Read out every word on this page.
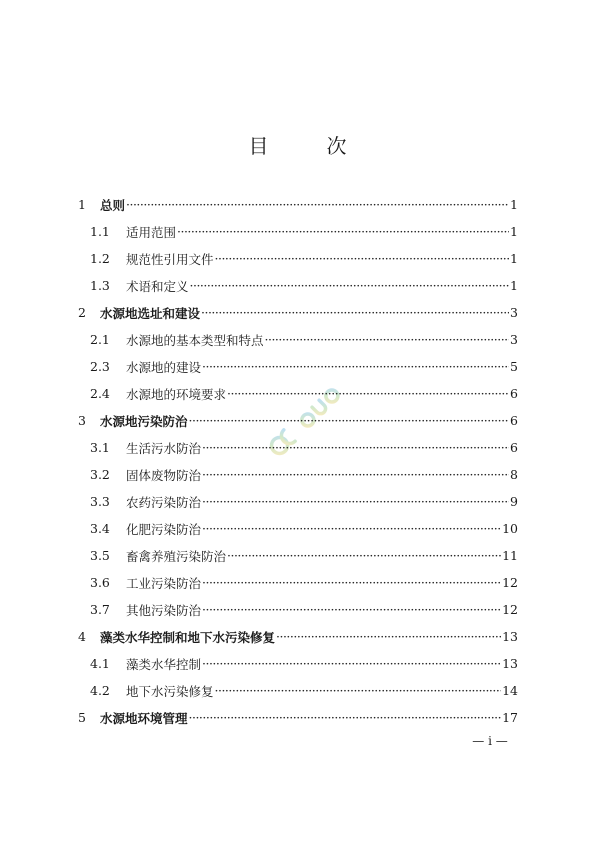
目	次
1	总则 ·····	1
1.1	适用范围 ·····	1
1.2	规范性引用文件 ·····	1
1.3	术语和定义 ·····	1
2	水源地选址和建设 ·····	3
2.1	水源地的基本类型和特点 ·····	3
2.3	水源地的建设 ·····	5
2.4	水源地的环境要求 ·····	6
3	水源地污染防治 ·····	6
3.1	生活污水防治 ·····	6
3.2	固体废物防治 ·····	8
3.3	农药污染防治 ·····	9
3.4	化肥污染防治 ·····	10
3.5	畜禽养殖污染防治 ·····	11
3.6	工业污染防治 ·····	12
3.7	其他污染防治 ·····	12
4	藻类水华控制和地下水污染修复 ·····	13
4.1	藻类水华控制 ·····	13
4.2	地下水污染修复 ·····	14
5	水源地环境管理 ·····	17
— i —
